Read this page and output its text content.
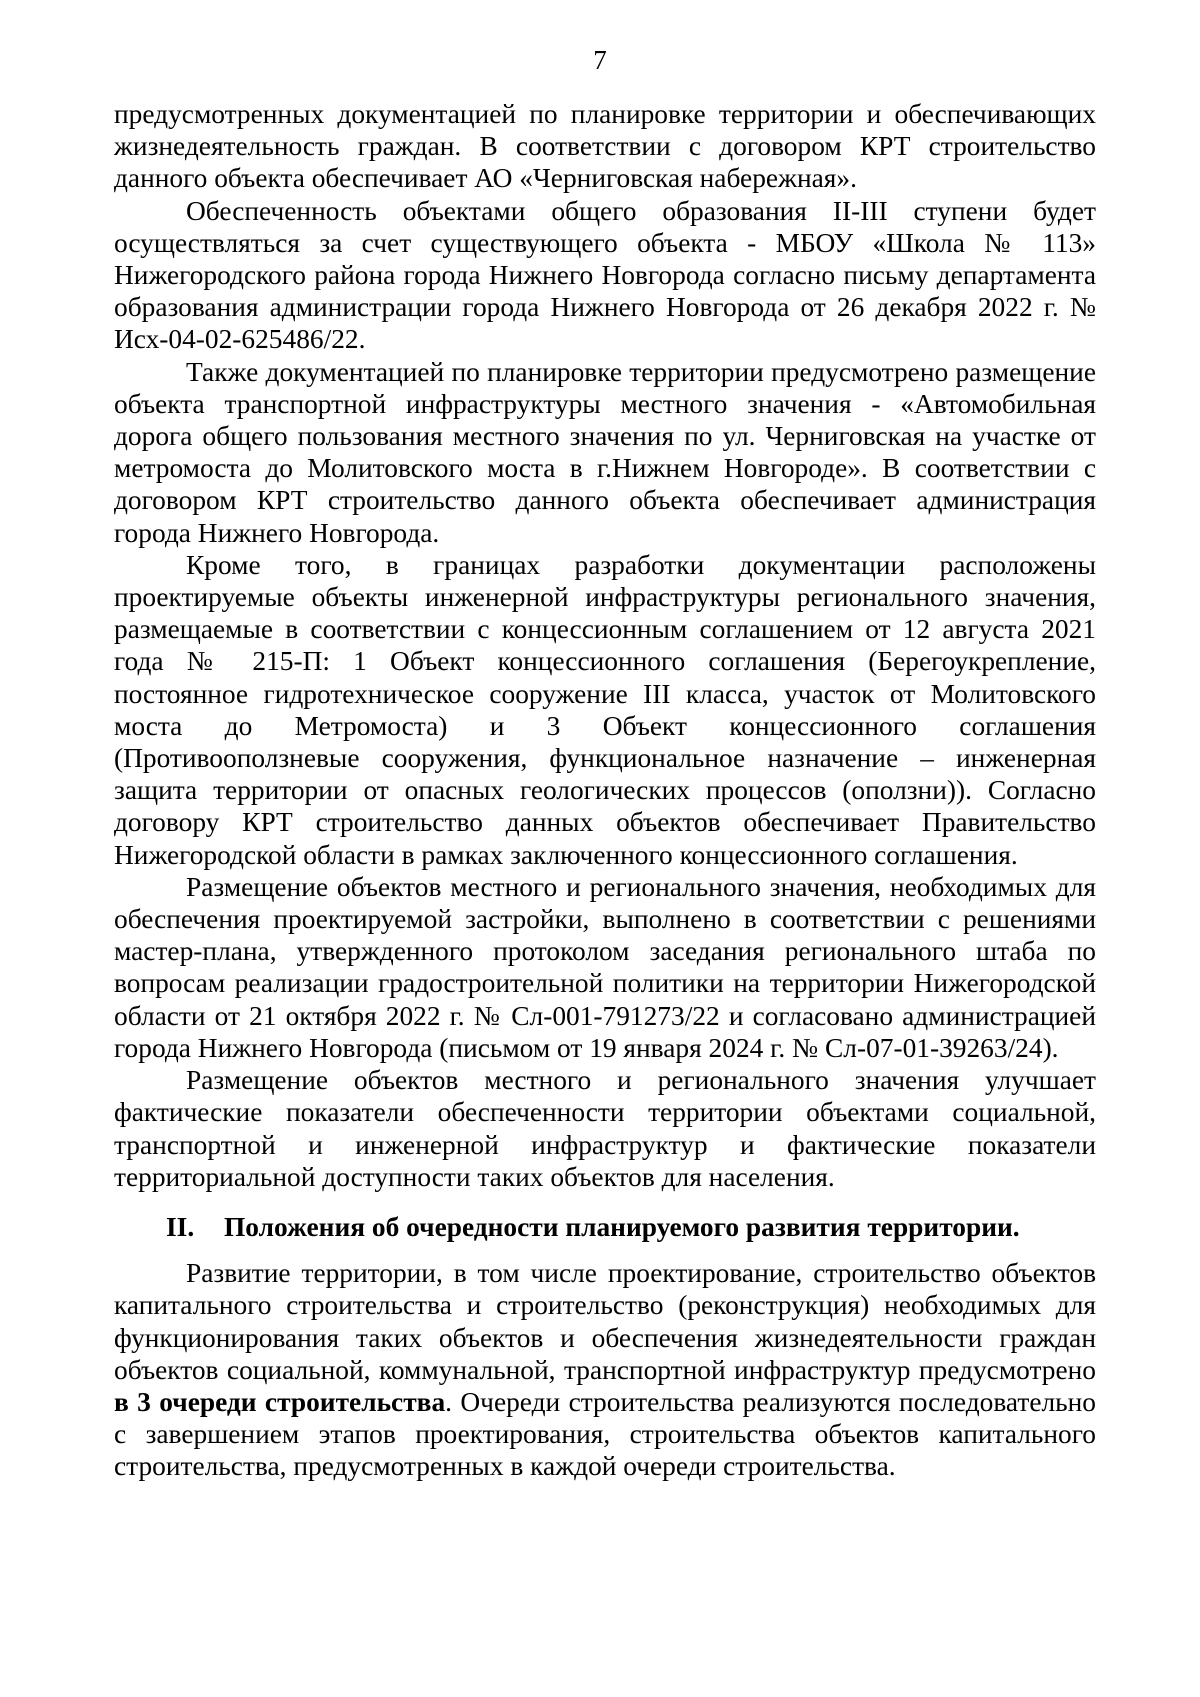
7

предусмотренных документацией по планировке территории и обеспечивающих жизнедеятельность граждан. В соответствии с договором КРТ строительство данного объекта обеспечивает АО «Черниговская набережная».

Обеспеченность объектами общего образования II-III ступени будет осуществляться за счет существующего объекта - МБОУ «Школа № 113» Нижегородского района города Нижнего Новгорода согласно письму департамента образования администрации города Нижнего Новгорода от 26 декабря 2022 г. № Исх-04-02-625486/22.

Также документацией по планировке территории предусмотрено размещение объекта транспортной инфраструктуры местного значения - «Автомобильная дорога общего пользования местного значения по ул. Черниговская на участке от метромоста до Молитовского моста в г.Нижнем Новгороде». В соответствии с договором КРТ строительство данного объекта обеспечивает администрация города Нижнего Новгорода.

Кроме того, в границах разработки документации расположены проектируемые объекты инженерной инфраструктуры регионального значения, размещаемые в соответствии с концессионным соглашением от 12 августа 2021 года № 215-П: 1 Объект концессионного соглашения (Берегоукрепление, постоянное гидротехническое сооружение III класса, участок от Молитовского моста до Метромоста) и 3 Объект концессионного соглашения (Противооползневые сооружения, функциональное назначение – инженерная защита территории от опасных геологических процессов (оползни)). Согласно договору КРТ строительство данных объектов обеспечивает Правительство Нижегородской области в рамках заключенного концессионного соглашения.

Размещение объектов местного и регионального значения, необходимых для обеспечения проектируемой застройки, выполнено в соответствии с решениями мастер-плана, утвержденного протоколом заседания регионального штаба по вопросам реализации градостроительной политики на территории Нижегородской области от 21 октября 2022 г. № Сл-001-791273/22 и согласовано администрацией города Нижнего Новгорода (письмом от 19 января 2024 г. № Сл-07-01-39263/24).

Размещение объектов местного и регионального значения улучшает фактические показатели обеспеченности территории объектами социальной, транспортной и инженерной инфраструктур и фактические показатели территориальной доступности таких объектов для населения.

II.	Положения об очередности планируемого развития территории.

Развитие территории, в том числе проектирование, строительство объектов капитального строительства и строительство (реконструкция) необходимых для функционирования таких объектов и обеспечения жизнедеятельности граждан объектов социальной, коммунальной, транспортной инфраструктур предусмотрено в 3 очереди строительства. Очереди строительства реализуются последовательно с завершением этапов проектирования, строительства объектов капитального строительства, предусмотренных в каждой очереди строительства.
